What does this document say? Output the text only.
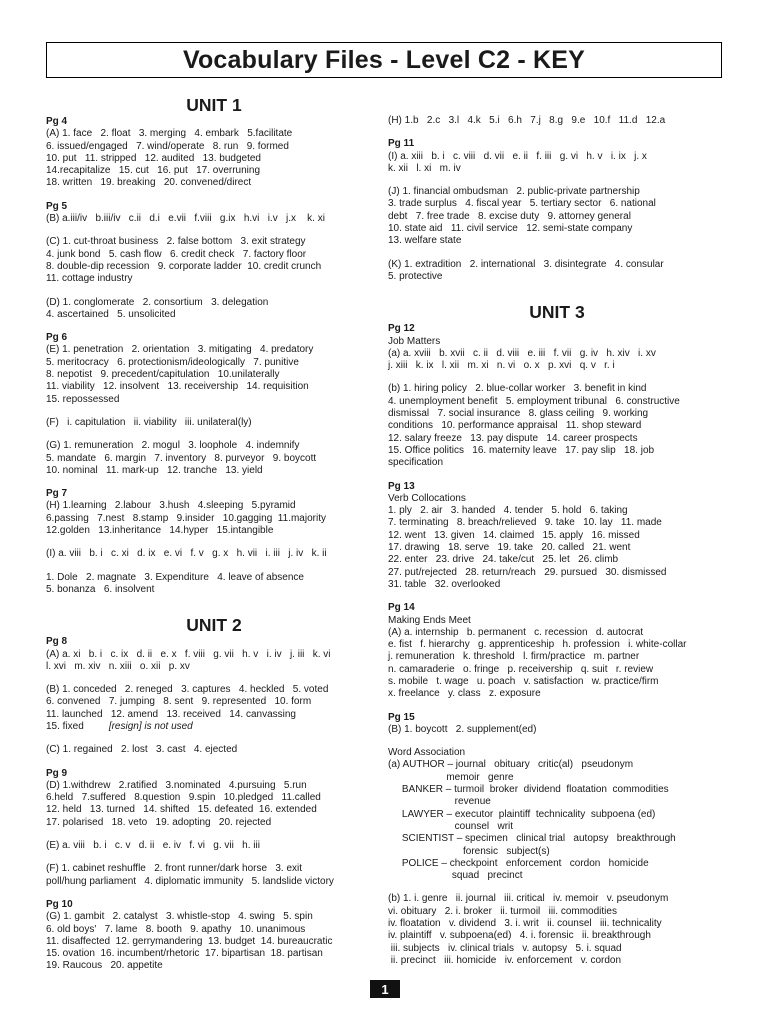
Vocabulary Files - Level C2 - KEY
UNIT 1
Pg 4
(A) 1. face   2. float   3. merging   4. embark   5.facilitate
6. issued/engaged   7. wind/operate   8. run   9. formed
10. put   11. stripped   12. audited   13. budgeted
14.recapitalize   15. cut   16. put   17. overruning
18. written   19. breaking   20. convened/direct
Pg 5
(B) a.iii/iv   b.iii/iv   c.ii   d.i   e.vii   f.viii   g.ix   h.vi   i.v   j.x    k. xi
(C) 1. cut-throat business   2. false bottom   3. exit strategy
4. junk bond   5. cash flow   6. credit check   7. factory floor
8. double-dip recession   9. corporate ladder  10. credit crunch
11. cottage industry
(D) 1. conglomerate   2. consortium   3. delegation
4. ascertained   5. unsolicited
Pg 6
(E) 1. penetration   2. orientation   3. mitigating   4. predatory
5. meritocracy   6. protectionism/ideologically   7. punitive
8. nepotist   9. precedent/capitulation   10.unilaterally
11. viability   12. insolvent   13. receivership   14. requisition
15. repossessed
(F)   i. capitulation   ii. viability   iii. unilateral(ly)
(G) 1. remuneration   2. mogul   3. loophole   4. indemnify
5. mandate   6. margin   7. inventory   8. purveyor   9. boycott
10. nominal   11. mark-up   12. tranche   13. yield
Pg 7
(H) 1.learning   2.labour   3.hush   4.sleeping   5.pyramid
6.passing   7.nest   8.stamp   9.insider   10.gagging  11.majority
12.golden   13.inheritance   14.hyper   15.intangible
(I) a. viii   b. i   c. xi   d. ix   e. vi   f. v   g. x   h. vii   i. iii   j. iv   k. ii
1. Dole   2. magnate   3. Expenditure   4. leave of absence
5. bonanza   6. insolvent
UNIT 2
Pg 8
(A) a. xi   b. i   c. ix   d. ii   e. x   f. viii   g. vii   h. v   i. iv   j. iii   k. vi
l. xvi   m. xiv   n. xiii   o. xii   p. xv
(B) 1. conceded   2. reneged   3. captures   4. heckled   5. voted
6. convened   7. jumping   8. sent   9. represented   10. form
11. launched   12. amend   13. received   14. canvassing
15. fixed         [resign] is not used
(C) 1. regained   2. lost   3. cast   4. ejected
Pg 9
(D) 1.withdrew   2.ratified   3.nominated   4.pursuing   5.run
6.held   7.suffered   8.question   9.spin   10.pledged   11.called
12. held   13. turned   14. shifted   15. defeated  16. extended
17. polarised   18. veto   19. adopting   20. rejected
(E) a. viii   b. i   c. v   d. ii   e. iv   f. vi   g. vii   h. iii
(F) 1. cabinet reshuffle   2. front runner/dark horse   3. exit
poll/hung parliament   4. diplomatic immunity   5. landslide victory
Pg 10
(G) 1. gambit   2. catalyst   3. whistle-stop   4. swing   5. spin
6. old boys'   7. lame   8. booth   9. apathy   10. unanimous
11. disaffected  12. gerrymandering  13. budget  14. bureaucratic
15. ovation  16. incumbent/rhetoric  17. bipartisan  18. partisan
19. Raucous   20. appetite
(H) 1.b   2.c   3.l   4.k   5.i   6.h   7.j   8.g   9.e   10.f   11.d   12.a
Pg 11
(I) a. xiii   b. i   c. viii   d. vii   e. ii   f. iii   g. vi   h. v   i. ix   j. x
k. xii   l. xi   m. iv
(J) 1. financial ombudsman   2. public-private partnership
3. trade surplus   4. fiscal year   5. tertiary sector   6. national
debt   7. free trade   8. excise duty   9. attorney general
10. state aid   11. civil service   12. semi-state company
13. welfare state
(K) 1. extradition   2. international   3. disintegrate   4. consular
5. protective
UNIT 3
Pg 12
Job Matters
(a) a. xviii   b. xvii   c. ii   d. viii   e. iii   f. vii   g. iv   h. xiv   i. xv
j. xiii   k. ix   l. xii   m. xi   n. vi   o. x   p. xvi   q. v   r. i
(b) 1. hiring policy   2. blue-collar worker   3. benefit in kind
4. unemployment benefit   5. employment tribunal   6. constructive
dismissal   7. social insurance   8. glass ceiling   9. working
conditions   10. performance appraisal   11. shop steward
12. salary freeze   13. pay dispute   14. career prospects
15. Office politics   16. maternity leave   17. pay slip   18. job
specification
Pg 13
Verb Collocations
1. ply   2. air   3. handed   4. tender   5. hold   6. taking
7. terminating   8. breach/relieved   9. take   10. lay   11. made
12. went   13. given   14. claimed   15. apply   16. missed
17. drawing   18. serve   19. take   20. called   21. went
22. enter   23. drive   24. take/cut   25. let   26. climb
27. put/rejected   28. return/reach   29. pursued   30. dismissed
31. table   32. overlooked
Pg 14
Making Ends Meet
(A) a. internship   b. permanent   c. recession   d. autocrat
e. fist   f. hierarchy   g. apprenticeship   h. profession   i. white-collar
j. remuneration   k. threshold   l. firm/practice   m. partner
n. camaraderie   o. fringe   p. receivership   q. suit   r. review
s. mobile   t. wage   u. poach   v. satisfaction   w. practice/firm
x. freelance   y. class   z. exposure
Pg 15
(B) 1. boycott   2. supplement(ed)
Word Association
(a) AUTHOR – journal   obituary   critic(al)   pseudonym
memoir   genre
BANKER – turmoil  broker  dividend  floatation  commodities
revenue
LAWYER – executor  plaintiff  technicality  subpoena (ed)
counsel   writ
SCIENTIST – specimen   clinical trial   autopsy   breakthrough
forensic   subject(s)
POLICE – checkpoint   enforcement   cordon   homicide
squad   precinct
(b) 1. i. genre   ii. journal   iii. critical   iv. memoir   v. pseudonym
vi. obituary   2. i. broker   ii. turmoil   iii. commodities
iv. floatation   v. dividend   3. i. writ   ii. counsel   iii. technicality
iv. plaintiff   v. subpoena(ed)   4. i. forensic   ii. breakthrough
iii. subjects   iv. clinical trials   v. autopsy   5. i. squad
ii. precinct   iii. homicide   iv. enforcement   v. cordon
1
